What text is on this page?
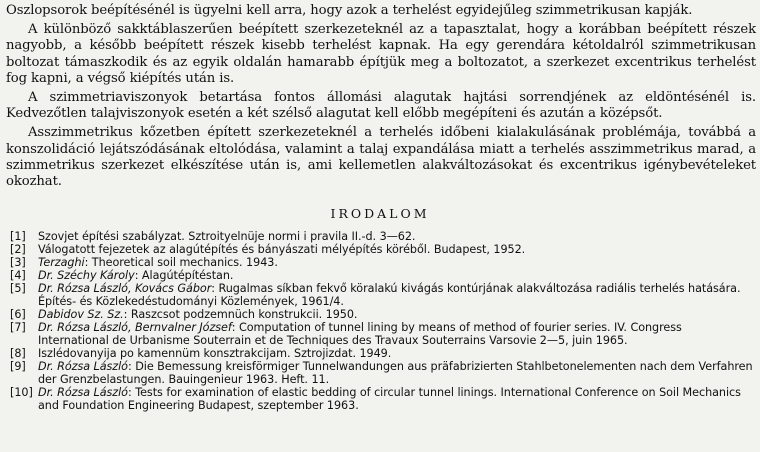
Oszlopsorok beépítésénél is ügyelni kell arra, hogy azok a terhelést egyidejűleg szimmetrikusan kapják.

A különböző sakktáblaszerűen beépített szerkezeteknél az a tapasztalat, hogy a korábban beépített részek nagyobb, a később beépített részek kisebb terhelést kapnak. Ha egy gerendára kétoldalról szimmetrikusan boltozat támaszkodik és az egyik oldalán hamarabb építjük meg a boltozatot, a szerkezet excentrikus terhelést fog kapni, a végső kiépítés után is.

A szimmetriaviszonyok betartása fontos állomási alagutak hajtási sorrendjének az eldöntésénél is. Kedvezőtlen talajviszonyok esetén a két szélső alagutat kell előbb megépíteni és azután a középsőt.

Asszimmetrikus kőzetben épített szerkezeteknél a terhelés időbeni kialakulásának problémája, továbbá a konszolidáció lejátszódásának eltolódása, valamint a talaj expandálása miatt a terhelés asszimmetrikus marad, a szimmetrikus szerkezet elkészítése után is, ami kellemetlen alakváltozásokat és excentrikus igénybevételeket okozhat.

IRODALOM
[1]	Szovjet építési szabályzat. Sztroityelnüje normi i pravila II.-d. 3—62.
[2]	Válogatott fejezetek az alagútépítés és bányászati mélyépítés köréből. Budapest, 1952.
[3]	Terzaghi: Theoretical soil mechanics. 1943.
[4]	Dr. Széchy Károly: Alagútépítéstan.
[5]	Dr. Rózsa László, Kovács Gábor: Rugalmas síkban fekvő köralakú kivágás kontúrjának alakváltozása radiális terhelés hatására. Építés- és Közlekedéstudományi Közlemények, 1961/4.
[6]	Dabidov Sz. Sz.: Raszcsot podzemnüch konstrukcii. 1950.
[7]	Dr. Rózsa László, Bernvalner József: Computation of tunnel lining by means of method of fourier series. IV. Congress International de Urbanisme Souterrain et de Techniques des Travaux Souterrains Varsovie 2—5, juin 1965.
[8]	Iszlédovanyija po kamennüm konsztrakcijam. Sztrojizdat. 1949.
[9]	Dr. Rózsa László: Die Bemessung kreisförmiger Tunnelwandungen aus präfabrizierten Stahlbetonelementen nach dem Verfahren der Grenzbelastungen. Bauingenieur 1963. Heft. 11.
[10] Dr. Rózsa László: Tests for examination of elastic bedding of circular tunnel linings. International Conference on Soil Mechanics and Foundation Engineering Budapest, szeptember 1963.
